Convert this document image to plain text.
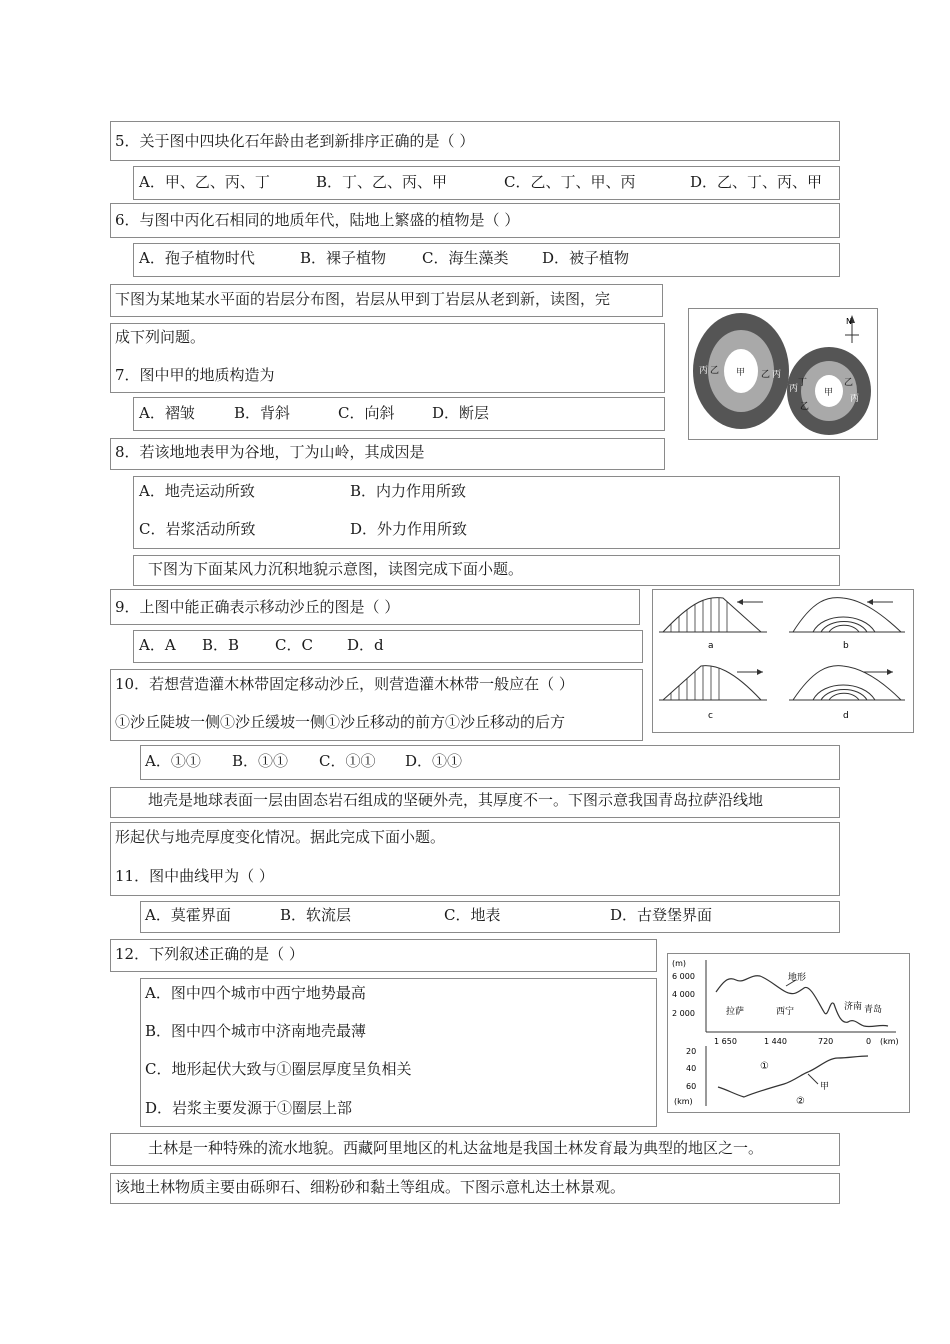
5．关于图中四块化石年龄由老到新排序正确的是（ ）
A．甲、乙、丙、丁	B．丁、乙、丙、甲	C．乙、丁、甲、丙	D．乙、丁、丙、甲
6．与图中丙化石相同的地质年代，陆地上繁盛的植物是（ ）
A．孢子植物时代	B．裸子植物 C．海生藻类 D．被子植物
下图为某地某水平面的岩层分布图，岩层从甲到丁岩层从老到新，读图，完
成下列问题。
7．图中甲的地质构造为
A．褶皱	B．背斜	C．向斜	D．断层
N
丙 乙 甲 乙 丙
丁
丙
乙
甲
乙
丙
8．若该地地表甲为谷地，丁为山岭，其成因是
A．地壳运动所致	B．内力作用所致
C．岩浆活动所致	D．外力作用所致
下图为下面某风力沉积地貌示意图，读图完成下面小题。
9．上图中能正确表示移动沙丘的图是（ ）
A．A B．B C．C D．d	a	b
c	d
10．若想营造灌木林带固定移动沙丘，则营造灌木林带一般应在（ ）
①沙丘陡坡一侧①沙丘缓坡一侧①沙丘移动的前方①沙丘移动的后方
A．①① B．①① C．①① D．①①
地壳是地球表面一层由固态岩石组成的坚硬外壳，其厚度不一。下图示意我国青岛拉萨沿线地
形起伏与地壳厚度变化情况。据此完成下面小题。
11．图中曲线甲为（ ）
A．莫霍界面	B．软流层	C．地表	D．古登堡界面
12．下列叙述正确的是（ ）
A．图中四个城市中西宁地势最高
B．图中四个城市中济南地壳最薄
C．地形起伏大致与①圈层厚度呈负相关
D．岩浆主要发源于①圈层上部
(m)
6 000
4 000
2 000
地形
拉萨	西宁	济南 青岛
1 650	1 440	720	0 (km)
20
40
60
(km)
①
②
甲
土林是一种特殊的流水地貌。西藏阿里地区的札达盆地是我国土林发育最为典型的地区之一。
该地土林物质主要由砾卵石、细粉砂和黏土等组成。下图示意札达土林景观。
